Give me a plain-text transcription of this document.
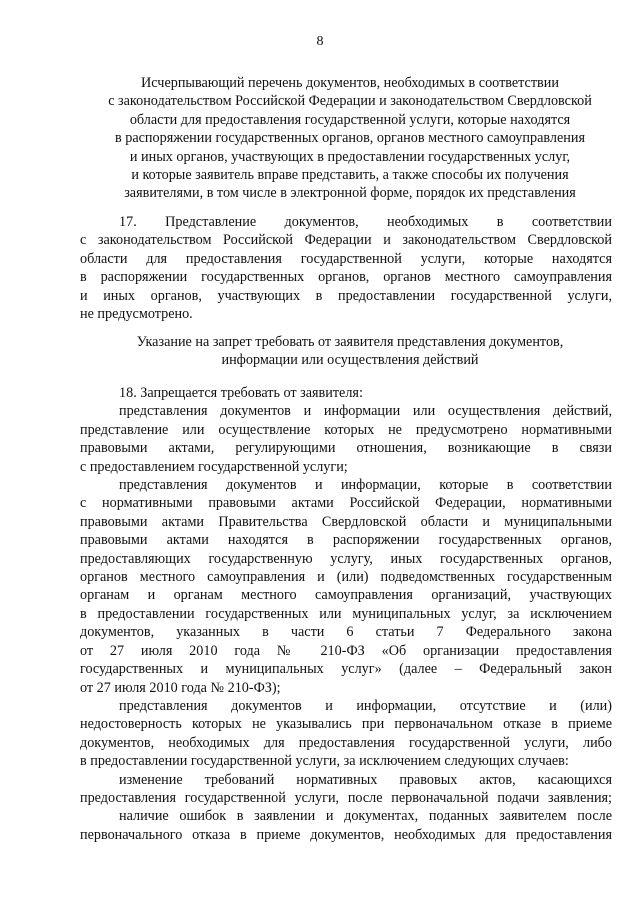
8
Исчерпывающий перечень документов, необходимых в соответствии
с законодательством Российской Федерации и законодательством Свердловской
области для предоставления государственной услуги, которые находятся
в распоряжении государственных органов, органов местного самоуправления
и иных органов, участвующих в предоставлении государственных услуг,
и которые заявитель вправе представить, а также способы их получения
заявителями, в том числе в электронной форме, порядок их представления
17. Представление документов, необходимых в соответствии
с законодательством Российской Федерации и законодательством Свердловской
области для предоставления государственной услуги, которые находятся
в распоряжении государственных органов, органов местного самоуправления
и иных органов, участвующих в предоставлении государственной услуги,
не предусмотрено.
Указание на запрет требовать от заявителя представления документов,
информации или осуществления действий
18. Запрещается требовать от заявителя:
представления документов и информации или осуществления действий,
представление или осуществление которых не предусмотрено нормативными
правовыми актами, регулирующими отношения, возникающие в связи
с предоставлением государственной услуги;
представления документов и информации, которые в соответствии
с нормативными правовыми актами Российской Федерации, нормативными
правовыми актами Правительства Свердловской области и муниципальными
правовыми актами находятся в распоряжении государственных органов,
предоставляющих государственную услугу, иных государственных органов,
органов местного самоуправления и (или) подведомственных государственным
органам и органам местного самоуправления организаций, участвующих
в предоставлении государственных или муниципальных услуг, за исключением
документов, указанных в части 6 статьи 7 Федерального закона
от 27 июля 2010 года № 210-ФЗ «Об организации предоставления
государственных и муниципальных услуг» (далее – Федеральный закон
от 27 июля 2010 года № 210-ФЗ);
представления документов и информации, отсутствие и (или)
недостоверность которых не указывались при первоначальном отказе в приеме
документов, необходимых для предоставления государственной услуги, либо
в предоставлении государственной услуги, за исключением следующих случаев:
изменение требований нормативных правовых актов, касающихся
предоставления государственной услуги, после первоначальной подачи заявления;
наличие ошибок в заявлении и документах, поданных заявителем после
первоначального отказа в приеме документов, необходимых для предоставления
